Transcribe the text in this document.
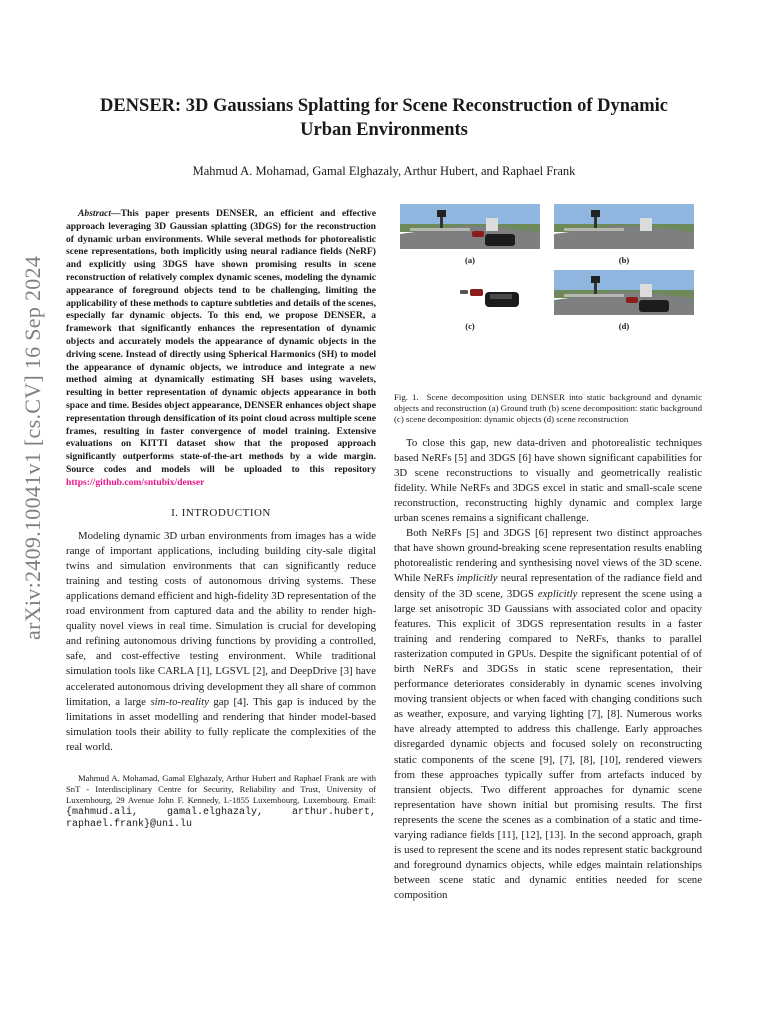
arXiv:2409.10041v1 [cs.CV] 16 Sep 2024
DENSER: 3D Gaussians Splatting for Scene Reconstruction of Dynamic
Urban Environments
Mahmud A. Mohamad, Gamal Elghazaly, Arthur Hubert, and Raphael Frank

Abstract—This paper presents DENSER, an efficient and effective approach leveraging 3D Gaussian splatting (3DGS) for the reconstruction of dynamic urban environments. While several methods for photorealistic scene representations, both implicitly using neural radiance fields (NeRF) and explicitly using 3DGS have shown promising results in scene reconstruction of relatively complex dynamic scenes, modeling the dynamic appearance of foreground objects tend to be challenging, limiting the applicability of these methods to capture subtleties and details of the scenes, especially far dynamic objects. To this end, we propose DENSER, a framework that significantly enhances the representation of dynamic objects and accurately models the appearance of dynamic objects in the driving scene. Instead of directly using Spherical Harmonics (SH) to model the appearance of dynamic objects, we introduce and integrate a new method aiming at dynamically estimating SH bases using wavelets, resulting in better representation of dynamic objects appearance in both space and time. Besides object appearance, DENSER enhances object shape representation through densification of its point cloud across multiple scene frames, resulting in faster convergence of model training. Extensive evaluations on KITTI dataset show that the proposed approach significantly outperforms state-of-the-art methods by a wide margin. Source codes and models will be uploaded to this repository https://github.com/sntubix/denser

I. INTRODUCTION

Modeling dynamic 3D urban environments from images has a wide range of important applications, including building city-sale digital twins and simulation environments that can significantly reduce training and testing costs of autonomous driving systems. These applications demand efficient and high-fidelity 3D representation of the road environment from captured data and the ability to render high-quality novel views in real time. Simulation is crucial for developing and refining autonomous driving functions by providing a controlled, safe, and cost-effective testing environment. While traditional simulation tools like CARLA [1], LGSVL [2], and DeepDrive [3] have accelerated autonomous driving development they all share of common limitation, a large sim-to-reality gap [4]. This gap is induced by the limitations in asset modelling and rendering that hinder model-based simulation tools their ability to fully replicate the complexities of the real world.

Mahmud A. Mohamad, Gamal Elghazaly, Arthur Hubert and Raphael Frank are with SnT - Interdisciplinary Centre for Security, Reliability and Trust, University of Luxembourg, 29 Avenue John F. Kennedy, L-1855 Luxembourg, Luxembourg. Email: {mahmud.ali, gamal.elghazaly, arthur.hubert, raphael.frank}@uni.lu
(a)	(b)
(c)	(d)
Fig. 1. Scene decomposition using DENSER into static background and dynamic objects and reconstruction (a) Ground truth (b) scene decomposition: static background (c) scene decomposition: dynamic objects (d) scene reconstruction

To close this gap, new data-driven and photorealistic techniques based NeRFs [5] and 3DGS [6] have shown significant capabilities for 3D scene reconstructions to visually and geometrically realistic fidelity. While NeRFs and 3DGS excel in static and small-scale scene reconstruction, reconstructing highly dynamic and complex large urban scenes remains a significant challenge.

Both NeRFs [5] and 3DGS [6] represent two distinct approaches that have shown ground-breaking scene representation results enabling photorealistic rendering and synthesising novel views of the 3D scene. While NeRFs implicitly neural representation of the radiance field and density of the 3D scene, 3DGS explicitly represent the scene using a large set anisotropic 3D Gaussians with associated color and opacity features. This explicit of 3DGS representation results in a faster training and rendering compared to NeRFs, thanks to parallel rasterization computed in GPUs. Despite the significant potential of of birth NeRFs and 3DGSs in static scene representation, their performance deteriorates considerably in dynamic scenes involving moving transient objects or when faced with changing conditions such as weather, exposure, and varying lighting [7], [8]. Numerous works have already attempted to address this challenge. Early approaches disregarded dynamic objects and focused solely on reconstructing static components of the scene [9], [7], [8], [10], rendered viewers from these approaches typically suffer from artefacts induced by transient objects. Two different approaches for dynamic scene representation have shown initial but promising results. The first represents the scene the scenes as a combination of a static and time-varying radiance fields [11], [12], [13]. In the second approach, graph is used to represent the scene and its nodes represent static background and foreground dynamics objects, while edges maintain relationships between scene static and dynamic entities needed for scene composition
